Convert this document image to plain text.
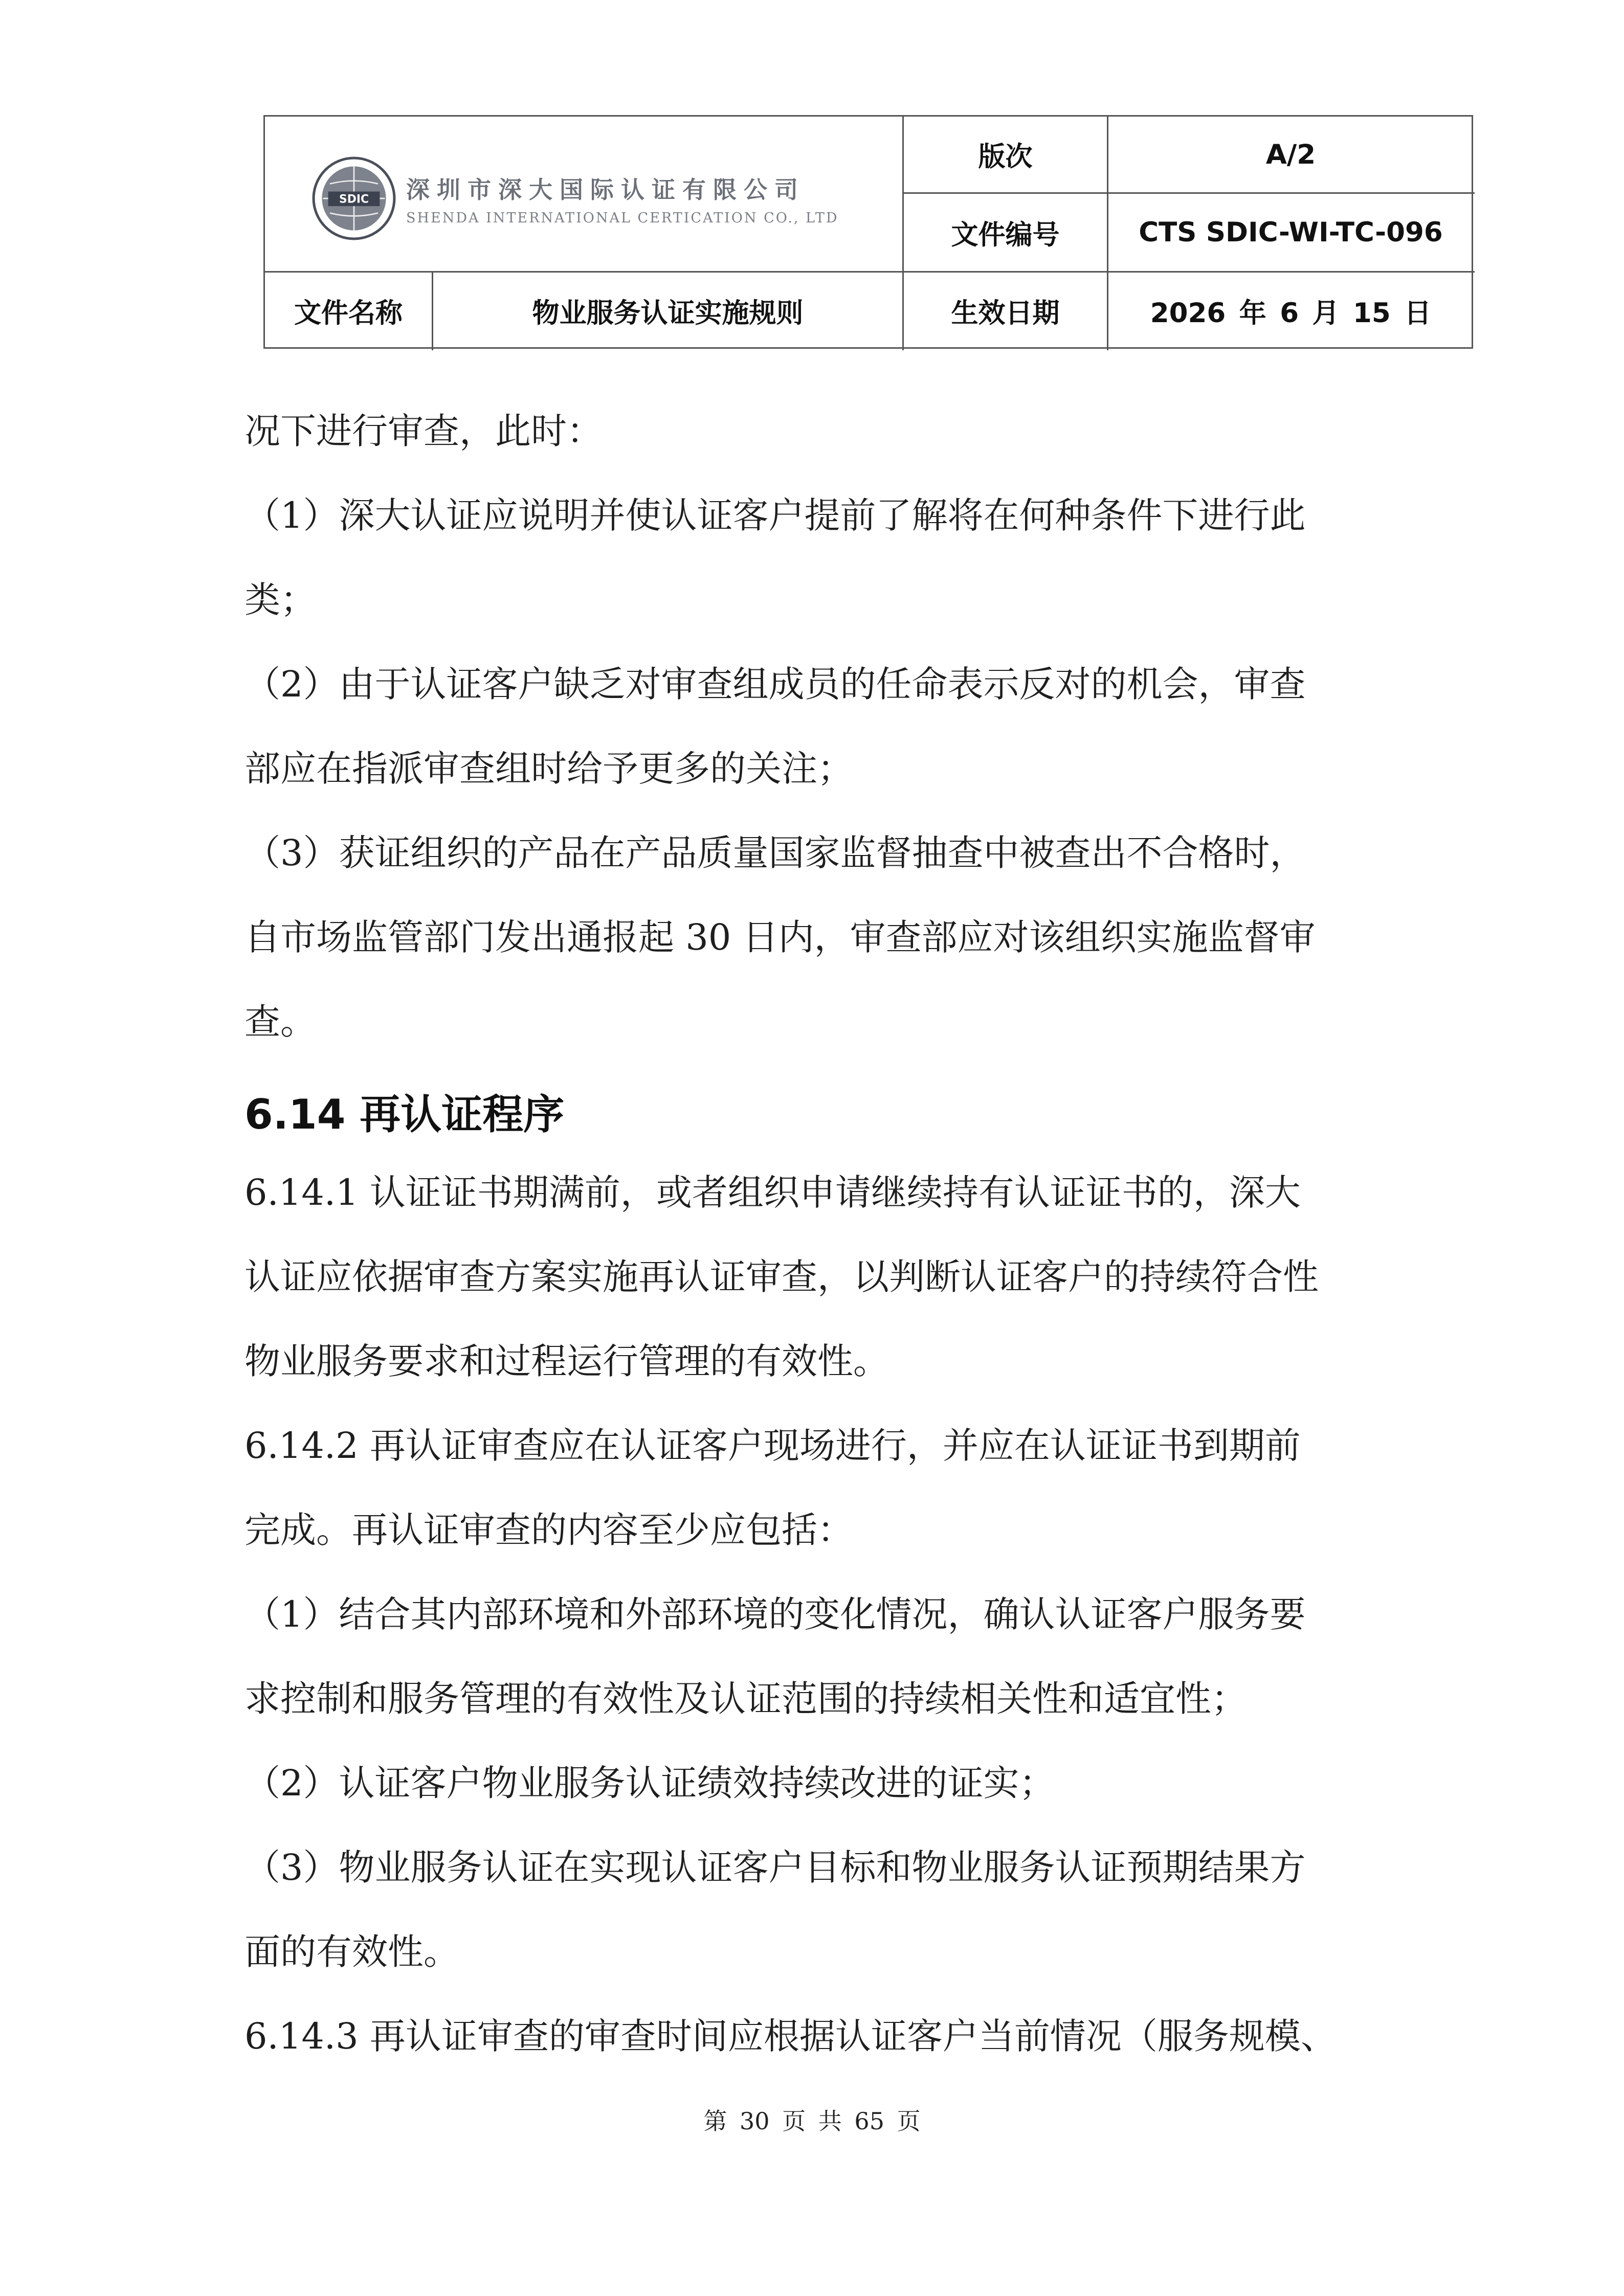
SDIC 深圳市深大国际认证有限公司
SHENDA INTERNATIONAL CERTICATION CO., LTD
版次	A/2
文件编号	CTS SDIC-WI-TC-096
文件名称	物业服务认证实施规则	生效日期	2026 年 6 月 15 日
况下进行审查，此时：
（1）深大认证应说明并使认证客户提前了解将在何种条件下进行此
类；
（2）由于认证客户缺乏对审查组成员的任命表示反对的机会，审查
部应在指派审查组时给予更多的关注；
（3）获证组织的产品在产品质量国家监督抽查中被查出不合格时，
自市场监管部门发出通报起 30 日内，审查部应对该组织实施监督审
查。
6.14 再认证程序
6.14.1 认证证书期满前，或者组织申请继续持有认证证书的，深大
认证应依据审查方案实施再认证审查，以判断认证客户的持续符合性
物业服务要求和过程运行管理的有效性。
6.14.2 再认证审查应在认证客户现场进行，并应在认证证书到期前
完成。再认证审查的内容至少应包括：
（1）结合其内部环境和外部环境的变化情况，确认认证客户服务要
求控制和服务管理的有效性及认证范围的持续相关性和适宜性；
（2）认证客户物业服务认证绩效持续改进的证实；
（3）物业服务认证在实现认证客户目标和物业服务认证预期结果方
面的有效性。
6.14.3 再认证审查的审查时间应根据认证客户当前情况（服务规模、
第 30 页 共 65 页
